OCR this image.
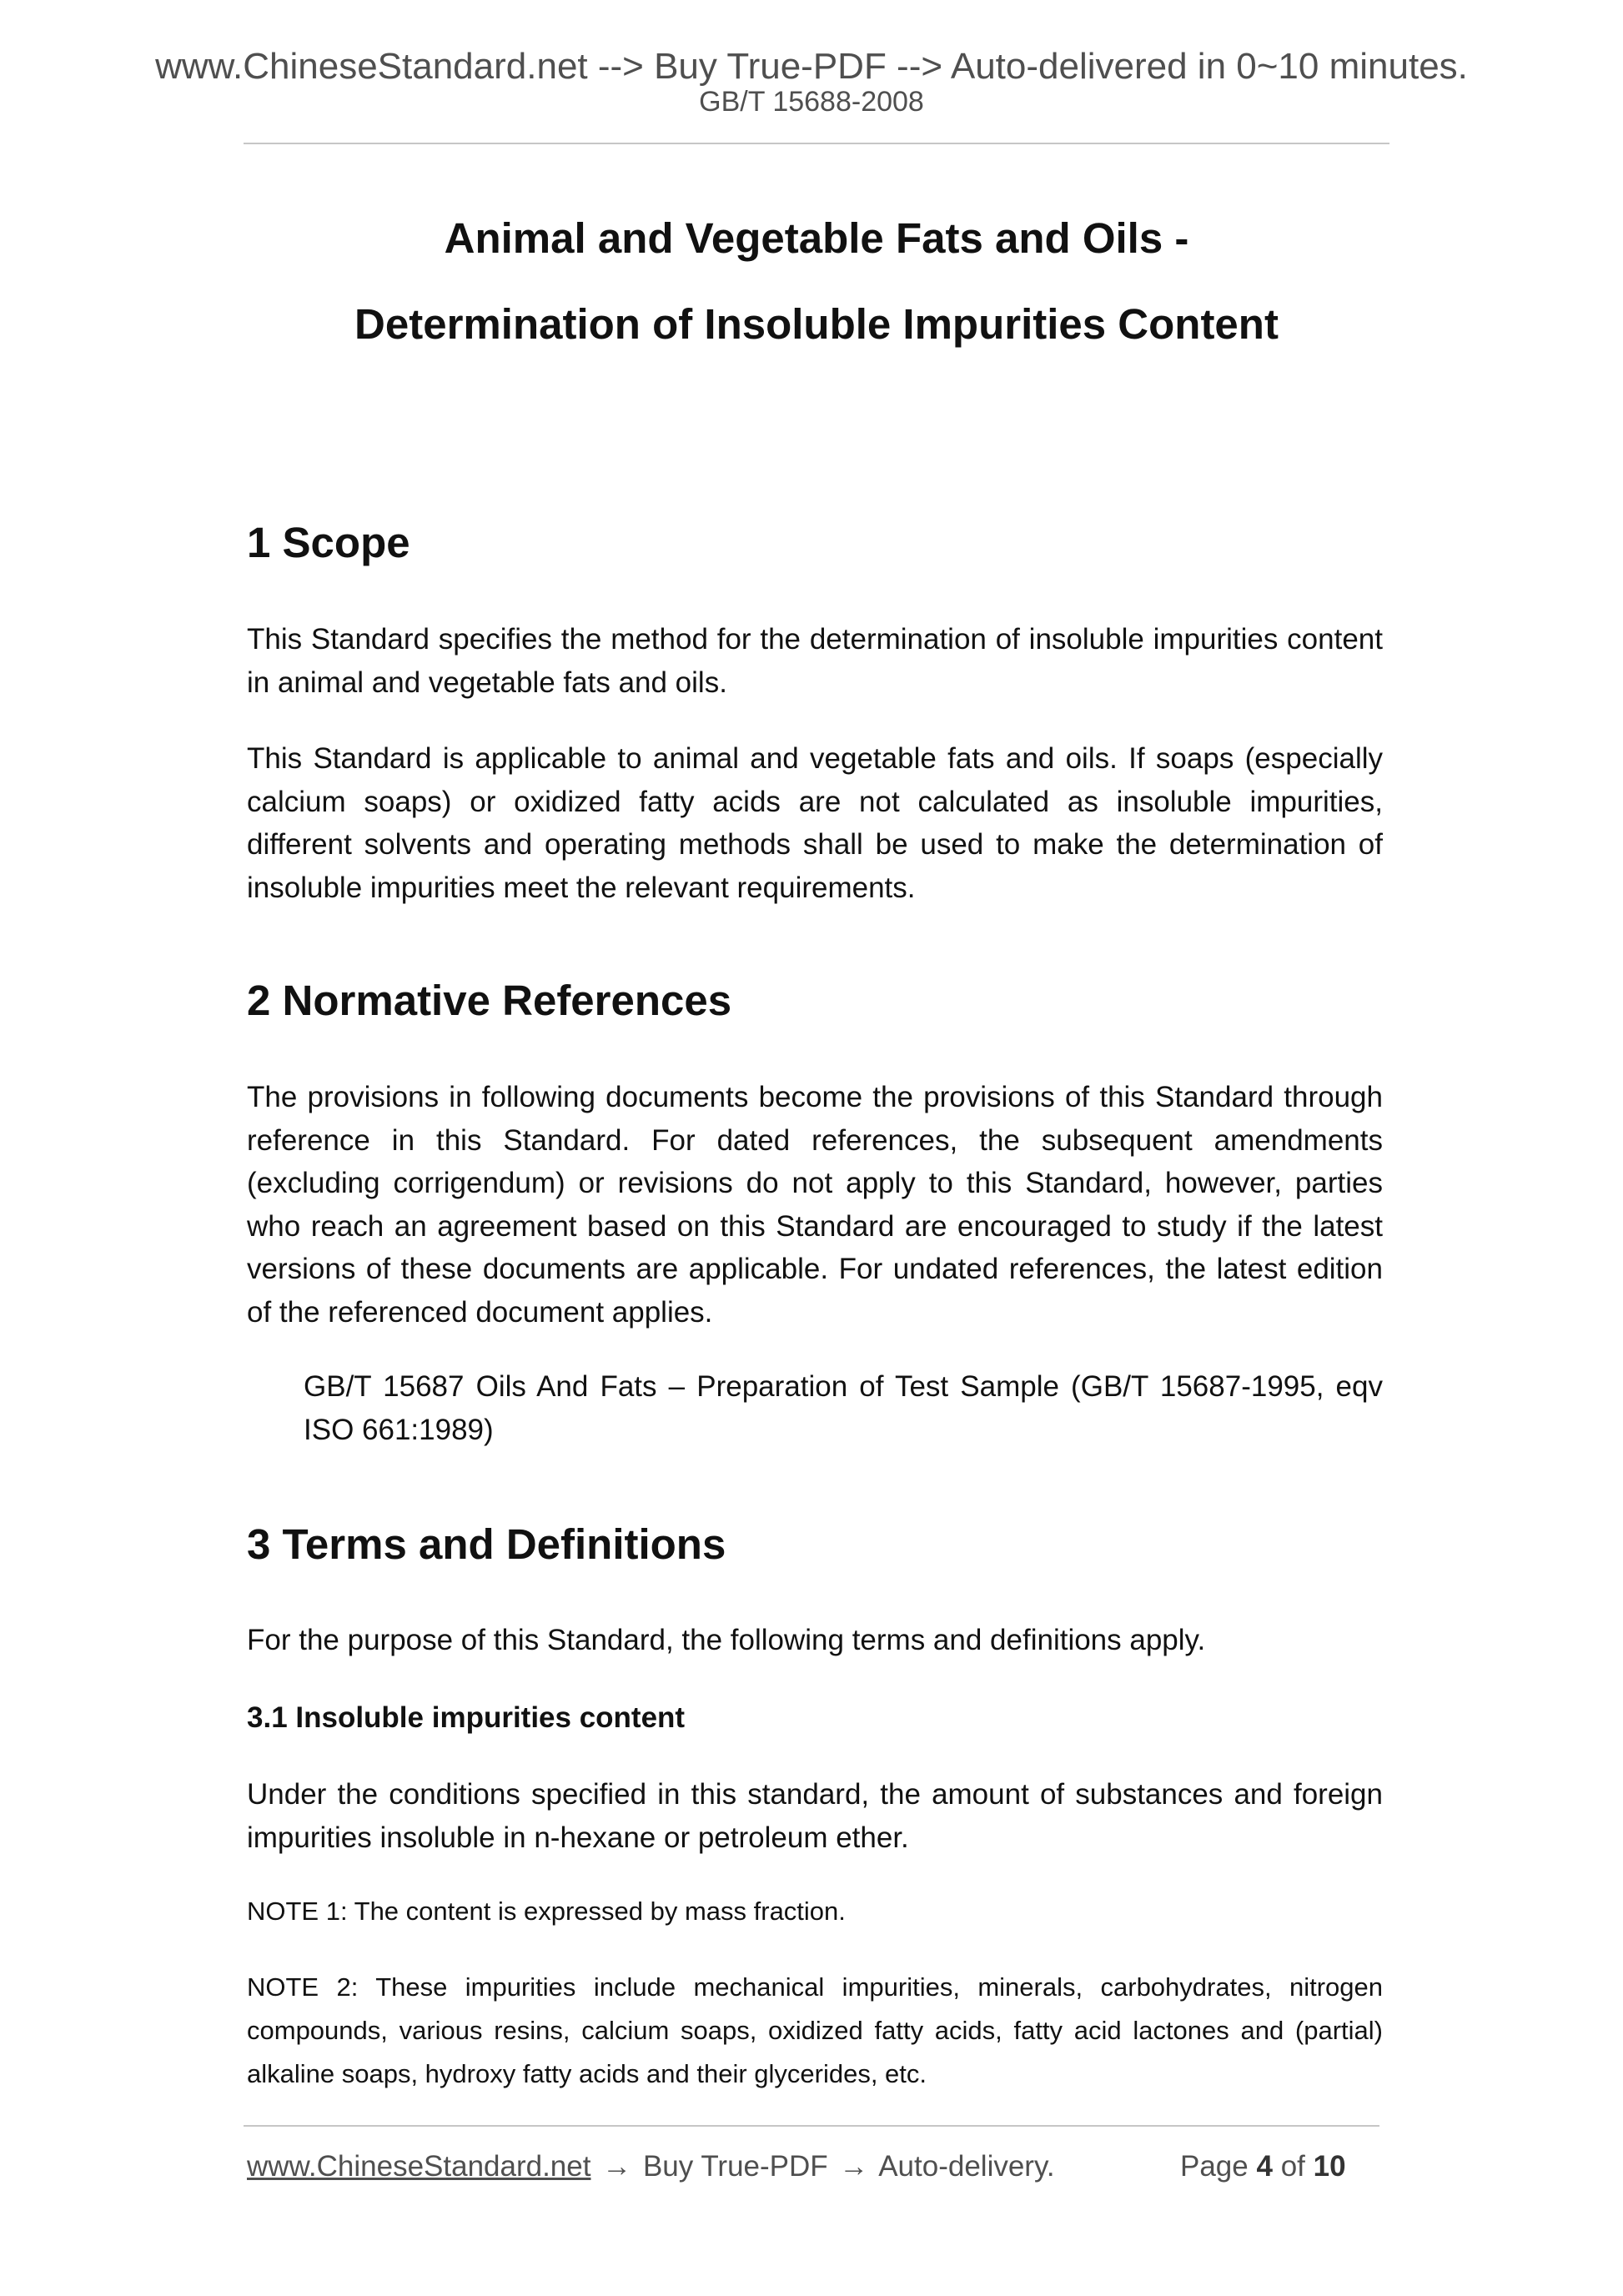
www.ChineseStandard.net --> Buy True-PDF --> Auto-delivered in 0~10 minutes.
GB/T 15688-2008
Animal and Vegetable Fats and Oils -
Determination of Insoluble Impurities Content
1 Scope
This Standard specifies the method for the determination of insoluble impurities content in animal and vegetable fats and oils.
This Standard is applicable to animal and vegetable fats and oils. If soaps (especially calcium soaps) or oxidized fatty acids are not calculated as insoluble impurities, different solvents and operating methods shall be used to make the determination of insoluble impurities meet the relevant requirements.
2 Normative References
The provisions in following documents become the provisions of this Standard through reference in this Standard. For dated references, the subsequent amendments (excluding corrigendum) or revisions do not apply to this Standard, however, parties who reach an agreement based on this Standard are encouraged to study if the latest versions of these documents are applicable. For undated references, the latest edition of the referenced document applies.
GB/T 15687 Oils And Fats – Preparation of Test Sample (GB/T 15687-1995, eqv ISO 661:1989)
3 Terms and Definitions
For the purpose of this Standard, the following terms and definitions apply.
3.1 Insoluble impurities content
Under the conditions specified in this standard, the amount of substances and foreign impurities insoluble in n-hexane or petroleum ether.
NOTE 1: The content is expressed by mass fraction.
NOTE 2: These impurities include mechanical impurities, minerals, carbohydrates, nitrogen compounds, various resins, calcium soaps, oxidized fatty acids, fatty acid lactones and (partial) alkaline soaps, hydroxy fatty acids and their glycerides, etc.
www.ChineseStandard.net → Buy True-PDF → Auto-delivery.	Page 4 of 10
